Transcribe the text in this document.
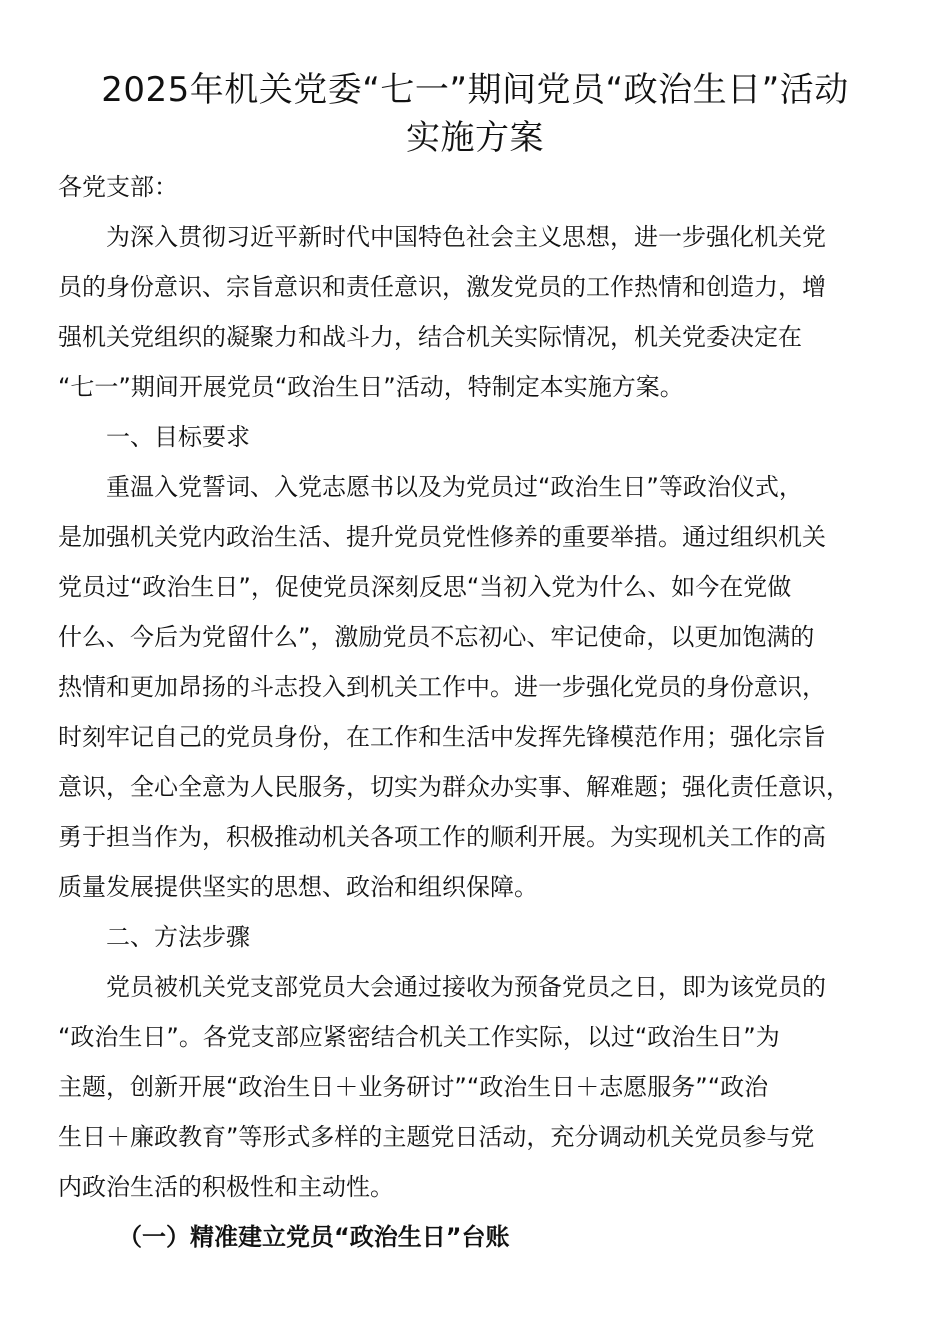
2025年机关党委“七一”期间党员“政治生日”活动
实施方案

各党支部：

为深入贯彻习近平新时代中国特色社会主义思想，进一步强化机关党

员的身份意识、宗旨意识和责任意识，激发党员的工作热情和创造力，增

强机关党组织的凝聚力和战斗力，结合机关实际情况，机关党委决定在

“七一”期间开展党员“政治生日”活动，特制定本实施方案。

一、目标要求

重温入党誓词、入党志愿书以及为党员过“政治生日”等政治仪式，

是加强机关党内政治生活、提升党员党性修养的重要举措。通过组织机关

党员过“政治生日”，促使党员深刻反思“当初入党为什么、如今在党做

什么、今后为党留什么”，激励党员不忘初心、牢记使命，以更加饱满的

热情和更加昂扬的斗志投入到机关工作中。进一步强化党员的身份意识，

时刻牢记自己的党员身份，在工作和生活中发挥先锋模范作用；强化宗旨

意识，全心全意为人民服务，切实为群众办实事、解难题；强化责任意识，

勇于担当作为，积极推动机关各项工作的顺利开展。为实现机关工作的高

质量发展提供坚实的思想、政治和组织保障。

二、方法步骤

党员被机关党支部党员大会通过接收为预备党员之日，即为该党员的

“政治生日”。各党支部应紧密结合机关工作实际，以过“政治生日”为

主题，创新开展“政治生日＋业务研讨”“政治生日＋志愿服务”“政治

生日＋廉政教育”等形式多样的主题党日活动，充分调动机关党员参与党

内政治生活的积极性和主动性。

（一）精准建立党员“政治生日”台账
